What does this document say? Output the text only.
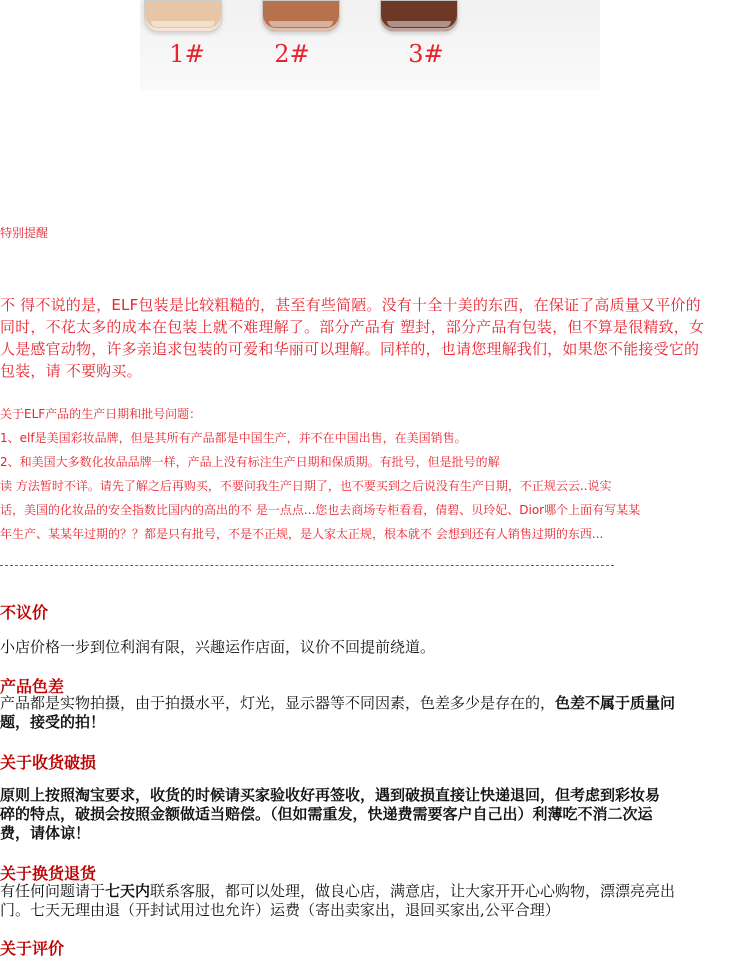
1#	2#	3#
特别提醒
不 得不说的是，ELF包装是比较粗糙的，甚至有些简陋。没有十全十美的东西，在保证了高质量又平价的
同时，不花太多的成本在包装上就不难理解了。部分产品有 塑封，部分产品有包装，但不算是很精致，女
人是感官动物，许多亲追求包装的可爱和华丽可以理解。同样的，也请您理解我们，如果您不能接受它的
包装，请 不要购买。
关于ELF产品的生产日期和批号问题：
1、elf是美国彩妆品牌，但是其所有产品都是中国生产，并不在中国出售，在美国销售。
2、和美国大多数化妆品品牌一样，产品上没有标注生产日期和保质期。有批号，但是批号的解
读 方法暂时不详。请先了解之后再购买，不要问我生产日期了，也不要买到之后说没有生产日期，不正规云云..说实
话，美国的化妆品的安全指数比国内的高出的不 是一点点...您也去商场专柜看看，倩碧、贝玲妃、Dior哪个上面有写某某
年生产、某某年过期的？？都是只有批号，不是不正规，是人家太正规，根本就不 会想到还有人销售过期的东西...
不议价
小店价格一步到位利润有限，兴趣运作店面，议价不回提前绕道。
产品色差
产品都是实物拍摄，由于拍摄水平，灯光，显示器等不同因素，色差多少是存在的，色差不属于质量问
题，接受的拍！
关于收货破损
原则上按照淘宝要求，收货的时候请买家验收好再签收，遇到破损直接让快递退回，但考虑到彩妆易
碎的特点，破损会按照金额做适当赔偿。（但如需重发，快递费需要客户自己出）利薄吃不消二次运
费，请体谅！
关于换货退货
有任何问题请于七天内联系客服，都可以处理，做良心店，满意店，让大家开开心心购物，漂漂亮亮出
门。七天无理由退（开封试用过也允许）运费（寄出卖家出，退回买家出,公平合理）
关于评价
